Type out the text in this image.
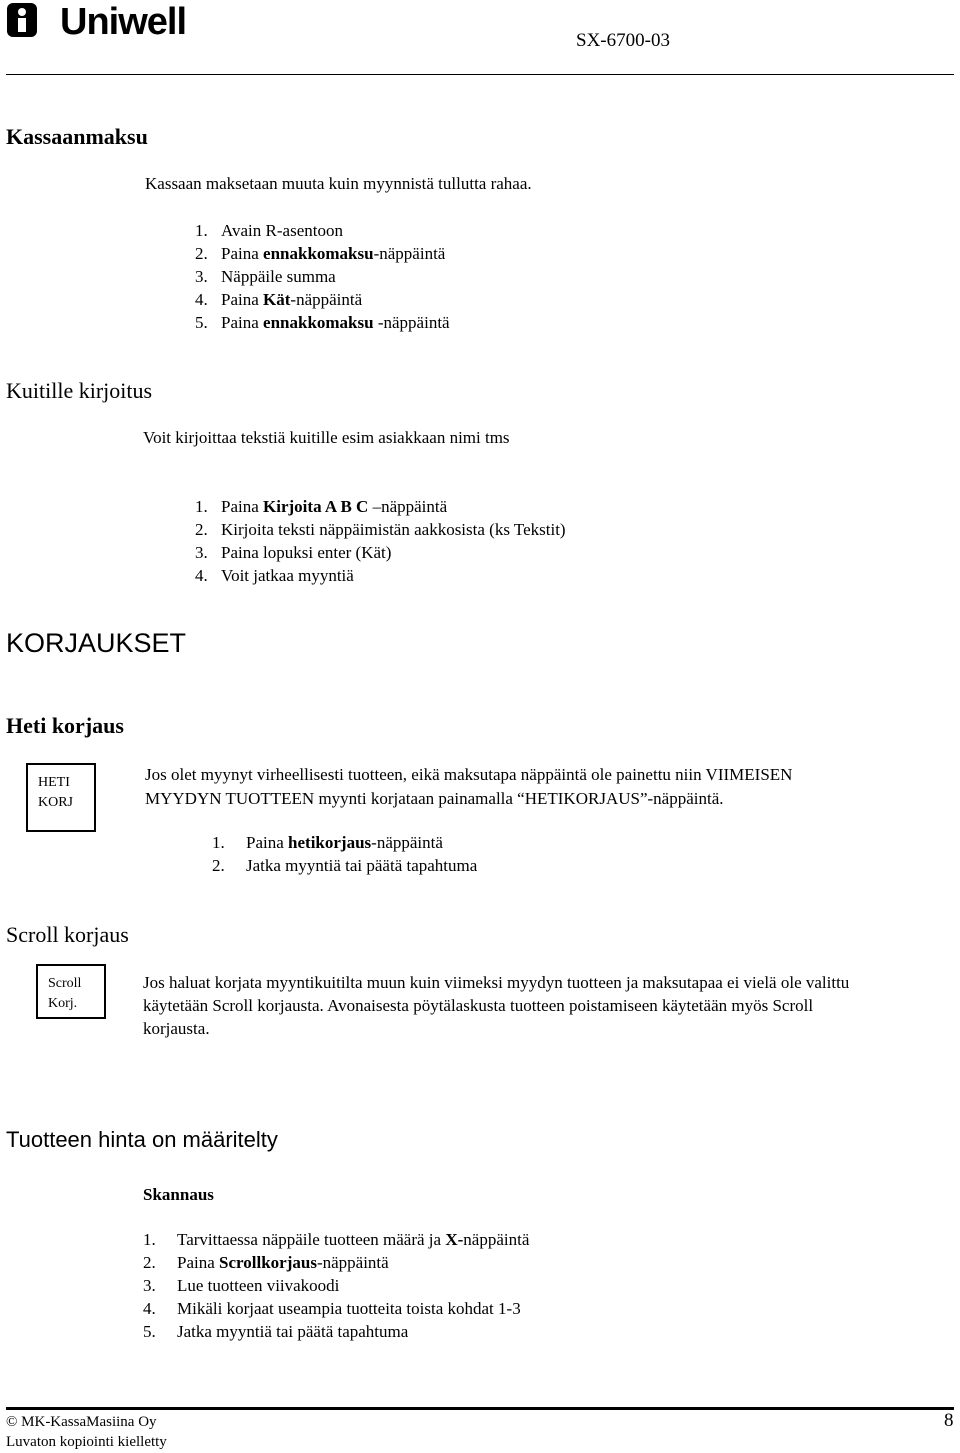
Uniwell	SX-6700-03
Kassaanmaksu
Kassaan maksetaan muuta kuin myynnistä tullutta rahaa.
1. Avain R-asentoon
2. Paina ennakkomaksu-näppäintä
3. Näppäile summa
4. Paina Kät-näppäintä
5. Paina ennakkomaksu -näppäintä
Kuitille kirjoitus
Voit kirjoittaa tekstiä kuitille esim asiakkaan nimi tms
1. Paina Kirjoita A B C –näppäintä
2. Kirjoita teksti näppäimistän aakkosista (ks Tekstit)
3. Paina lopuksi enter (Kät)
4. Voit jatkaa myyntiä
KORJAUKSET
Heti korjaus
HETI
KORJ
Jos olet myynyt virheellisesti tuotteen, eikä maksutapa näppäintä ole painettu niin VIIMEISEN
MYYDYN TUOTTEEN myynti korjataan painamalla “HETIKORJAUS”-näppäintä.
1. Paina hetikorjaus-näppäintä
2. Jatka myyntiä tai päätä tapahtuma
Scroll korjaus
Scroll
Korj.
Jos haluat korjata myyntikuitilta muun kuin viimeksi myydyn tuotteen ja maksutapaa ei vielä ole valittu
käytetään Scroll korjausta. Avonaisesta pöytälaskusta tuotteen poistamiseen käytetään myös Scroll
korjausta.
Tuotteen hinta on määritelty
Skannaus
1. Tarvittaessa näppäile tuotteen määrä ja X-näppäintä
2. Paina Scrollkorjaus-näppäintä
3. Lue tuotteen viivakoodi
4. Mikäli korjaat useampia tuotteita toista kohdat 1-3
5. Jatka myyntiä tai päätä tapahtuma
© MK-KassaMasiina Oy
Luvaton kopiointi kielletty
8
